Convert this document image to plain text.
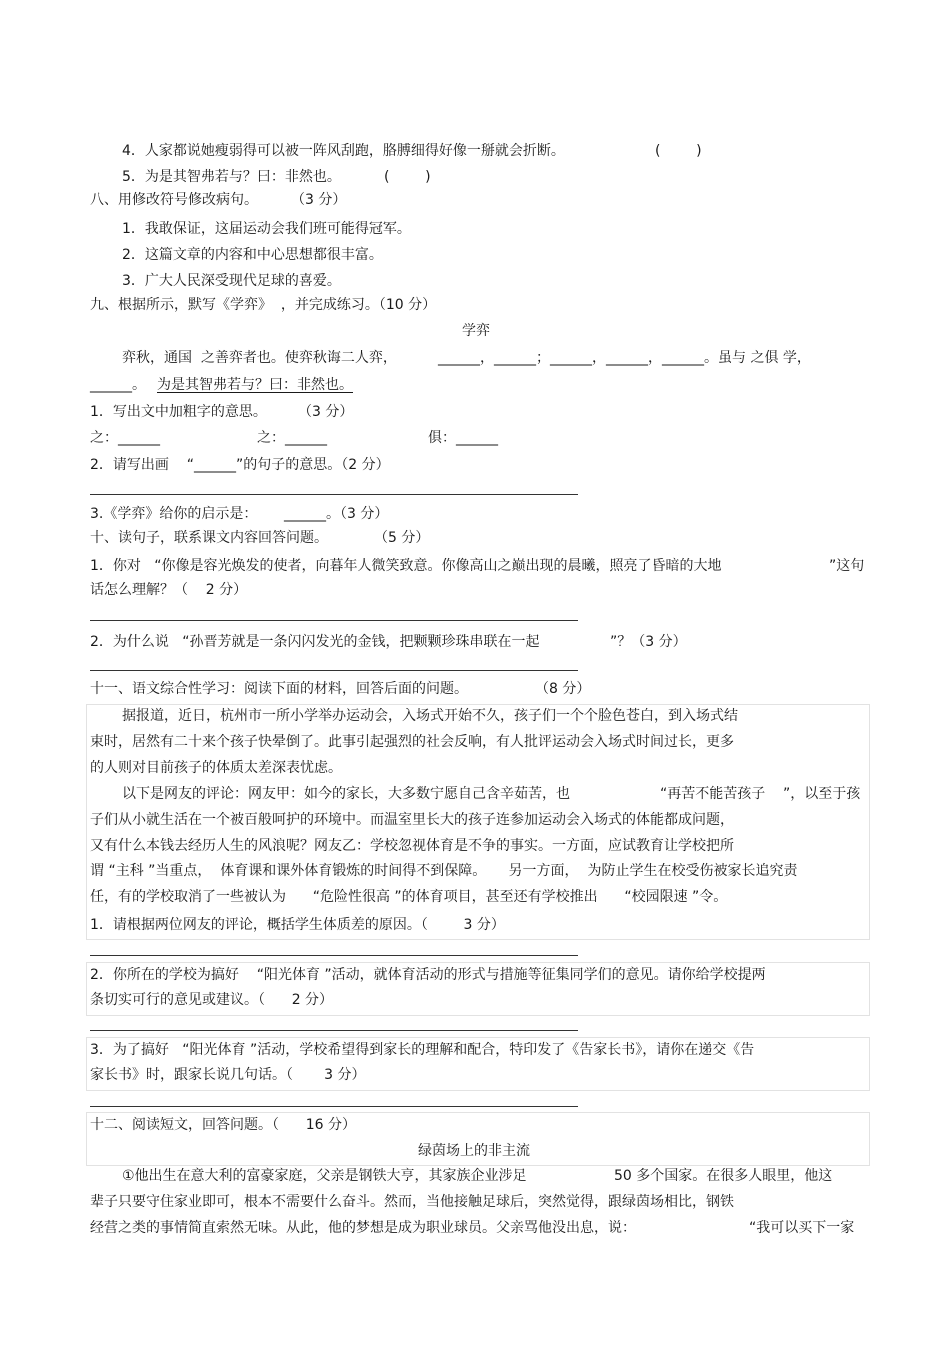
4．人家都说她瘦弱得可以被一阵风刮跑，胳膊细得好像一掰就会折断。	(        )
5．为是其智弗若与？曰：非然也。	(        )
八、用修改符号修改病句。 （3 分）
1．我敢保证，这届运动会我们班可能得冠军。
2．这篇文章的内容和中心思想都很丰富。
3．广大人民深受现代足球的喜爱。
九、根据所示，默写《学弈》  ，并完成练习。（10 分）
学弈
弈秋，通国  之善弈者也。使弈秋诲二人弈，	______，______；______，______，______。虽与 之俱 学，
______。 为是其智弗若与？曰：非然也。
1．写出文中加粗字的意思。 （3 分）
之：______	之：______	俱：______
2．请写出画    “______”的句子的意思。（2 分）
3.《学弈》给你的启示是：      ______。（3 分）
十、读句子，联系课文内容回答问题。	（5 分）
1．你对   “你像是容光焕发的使者，向暮年人微笑致意。你像高山之巅出现的晨曦，照亮了昏暗的大地	”这句
话怎么理解？（    2 分）
2．为什么说   “孙晋芳就是一条闪闪发光的金钱，把颗颗珍珠串联在一起	”？（3 分）
十一、语文综合性学习：阅读下面的材料，回答后面的问题。	（8 分）
据报道，近日，杭州市一所小学举办运动会，入场式开始不久，孩子们一个个脸色苍白，到入场式结
束时，居然有二十来个孩子快晕倒了。此事引起强烈的社会反响，有人批评运动会入场式时间过长，更多
的人则对目前孩子的体质太差深表忧虑。
以下是网友的评论：网友甲：如今的家长，大多数宁愿自己含辛茹苦，也	“再苦不能苦孩子    ”，以至于孩
子们从小就生活在一个被百般呵护的环境中。而温室里长大的孩子连参加运动会入场式的体能都成问题，
又有什么本钱去经历人生的风浪呢？网友乙：学校忽视体育是不争的事实。一方面，应试教育让学校把所
谓 “主科 ”当重点，  体育课和课外体育锻炼的时间得不到保障。     另一方面，  为防止学生在校受伤被家长追究责
任，有的学校取消了一些被认为      “危险性很高 ”的体育项目，甚至还有学校推出      “校园限速 ”令。
1．请根据两位网友的评论，概括学生体质差的原因。（        3 分）
2．你所在的学校为搞好    “阳光体育 ”活动，就体育活动的形式与措施等征集同学们的意见。请你给学校提两
条切实可行的意见或建议。（      2 分）
3．为了搞好   “阳光体育 ”活动，学校希望得到家长的理解和配合，特印发了《告家长书》，请你在递交《告
家长书》时，跟家长说几句话。（       3 分）
十二、阅读短文，回答问题。（      16 分）
绿茵场上的非主流
①他出生在意大利的富豪家庭，父亲是钢铁大亨，其家族企业涉足	50 多个国家。在很多人眼里，他这
辈子只要守住家业即可，根本不需要什么奋斗。然而，当他接触足球后，突然觉得，跟绿茵场相比，钢铁
经营之类的事情简直索然无味。从此，他的梦想是成为职业球员。父亲骂他没出息，说：	“我可以买下一家
